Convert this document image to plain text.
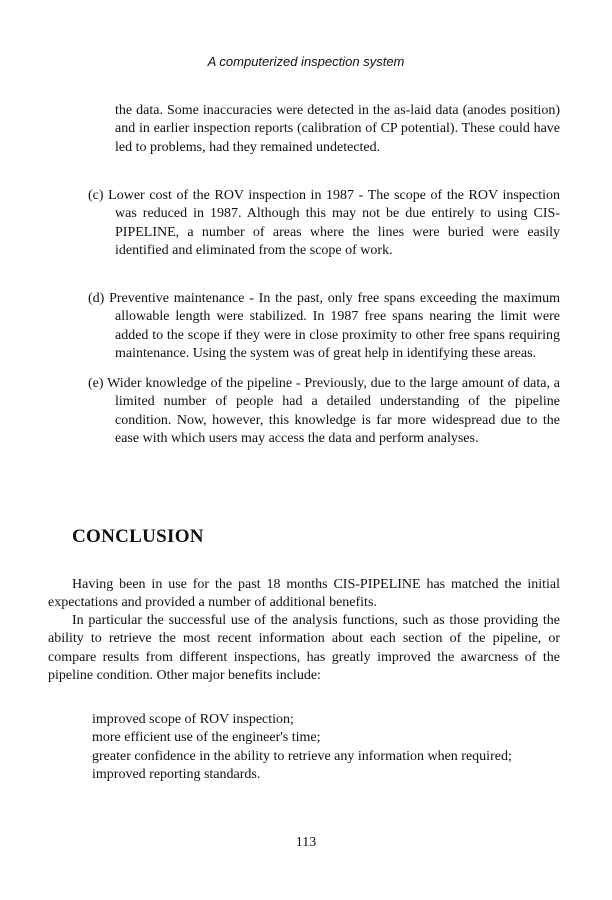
A computerized inspection system

the data. Some inaccuracies were detected in the as-laid data (anodes position) and in earlier inspection reports (calibration of CP potential). These could have led to problems, had they remained undetected.

(c) Lower cost of the ROV inspection in 1987 - The scope of the ROV inspection was reduced in 1987. Although this may not be due entirely to using CIS-PIPELINE, a number of areas where the lines were buried were easily identified and eliminated from the scope of work.

(d) Preventive maintenance - In the past, only free spans exceeding the maximum allowable length were stabilized. In 1987 free spans nearing the limit were added to the scope if they were in close proximity to other free spans requiring maintenance. Using the system was of great help in identifying these areas.

(e) Wider knowledge of the pipeline - Previously, due to the large amount of data, a limited number of people had a detailed understanding of the pipeline condition. Now, however, this knowledge is far more widespread due to the ease with which users may access the data and perform analyses.

CONCLUSION

Having been in use for the past 18 months CIS-PIPELINE has matched the initial expectations and provided a number of additional benefits.

In particular the successful use of the analysis functions, such as those providing the ability to retrieve the most recent information about each section of the pipeline, or compare results from different inspections, has greatly improved the awarcness of the pipeline condition. Other major benefits include:

improved scope of ROV inspection;
more efficient use of the engineer's time;
greater confidence in the ability to retrieve any information when required;
improved reporting standards.
113
